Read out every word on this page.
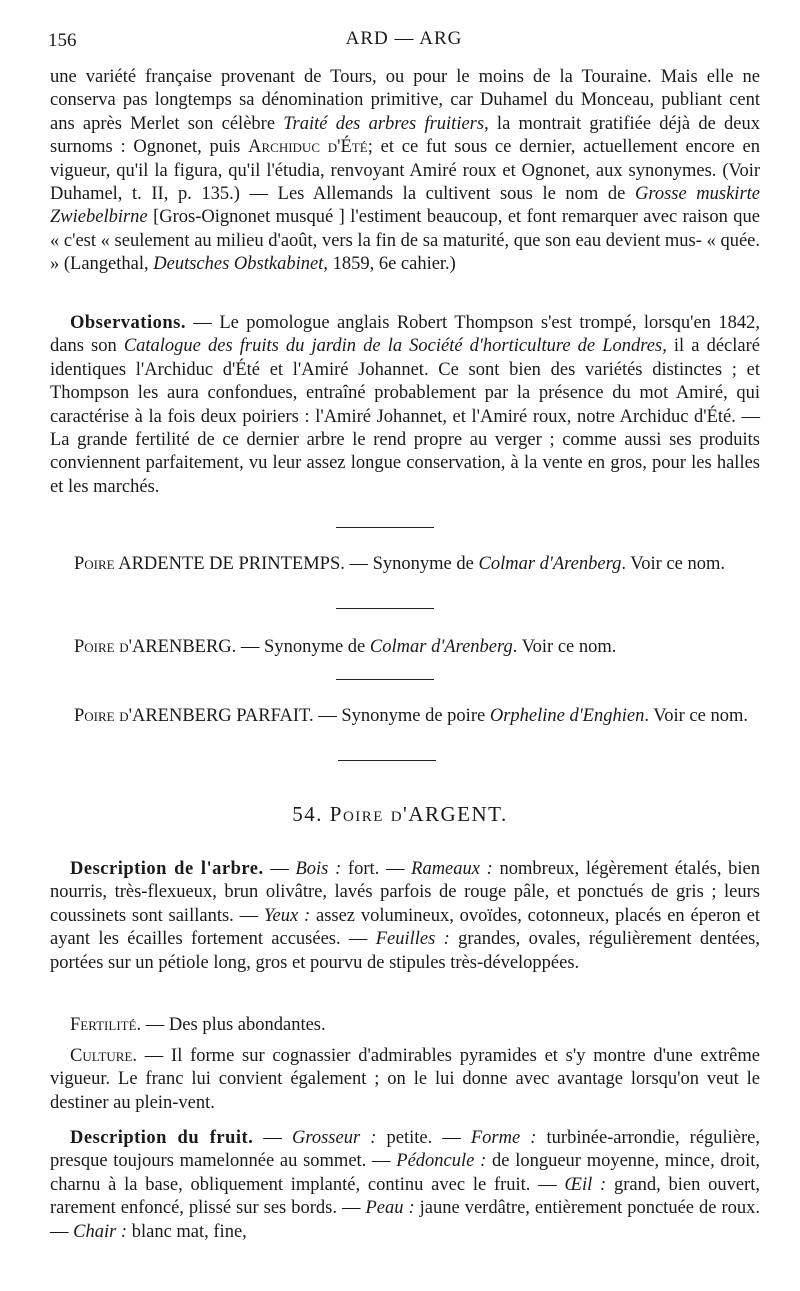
156	ARD — ARG
une variété française provenant de Tours, ou pour le moins de la Touraine. Mais elle ne conserva pas longtemps sa dénomination primitive, car Duhamel du Monceau, publiant cent ans après Merlet son célèbre Traité des arbres fruitiers, la montrait gratifiée déjà de deux surnoms : Ognonet, puis Archiduc d'Été; et ce fut sous ce dernier, actuellement encore en vigueur, qu'il la figura, qu'il l'étudia, renvoyant Amiré roux et Ognonet, aux synonymes. (Voir Duhamel, t. II, p. 135.) — Les Allemands la cultivent sous le nom de Grosse muskirte Zwiebelbirne [Gros-Oignonet musqué ] l'estiment beaucoup, et font remarquer avec raison que « c'est « seulement au milieu d'août, vers la fin de sa maturité, que son eau devient mus- « quée. » (Langethal, Deutsches Obstkabinet, 1859, 6e cahier.)
Observations. — Le pomologue anglais Robert Thompson s'est trompé, lorsqu'en 1842, dans son Catalogue des fruits du jardin de la Société d'horticulture de Londres, il a déclaré identiques l'Archiduc d'Été et l'Amiré Johannet. Ce sont bien des variétés distinctes ; et Thompson les aura confondues, entraîné probablement par la présence du mot Amiré, qui caractérise à la fois deux poiriers : l'Amiré Johannet, et l'Amiré roux, notre Archiduc d'Été. — La grande fertilité de ce dernier arbre le rend propre au verger ; comme aussi ses produits conviennent parfaitement, vu leur assez longue conservation, à la vente en gros, pour les halles et les marchés.
Poire ARDENTE DE PRINTEMPS. — Synonyme de Colmar d'Arenberg. Voir ce nom.
Poire d'ARENBERG. — Synonyme de Colmar d'Arenberg. Voir ce nom.
Poire d'ARENBERG PARFAIT. — Synonyme de poire Orpheline d'Enghien. Voir ce nom.
54. Poire d'ARGENT.
Description de l'arbre. — Bois : fort. — Rameaux : nombreux, légèrement étalés, bien nourris, très-flexueux, brun olivâtre, lavés parfois de rouge pâle, et ponctués de gris ; leurs coussinets sont saillants. — Yeux : assez volumineux, ovoïdes, cotonneux, placés en éperon et ayant les écailles fortement accusées. — Feuilles : grandes, ovales, régulièrement dentées, portées sur un pétiole long, gros et pourvu de stipules très-développées.
Fertilité. — Des plus abondantes.
Culture. — Il forme sur cognassier d'admirables pyramides et s'y montre d'une extrême vigueur. Le franc lui convient également ; on le lui donne avec avantage lorsqu'on veut le destiner au plein-vent.
Description du fruit. — Grosseur : petite. — Forme : turbinée-arrondie, régulière, presque toujours mamelonnée au sommet. — Pédoncule : de longueur moyenne, mince, droit, charnu à la base, obliquement implanté, continu avec le fruit. — Œil : grand, bien ouvert, rarement enfoncé, plissé sur ses bords. — Peau : jaune verdâtre, entièrement ponctuée de roux. — Chair : blanc mat, fine,
